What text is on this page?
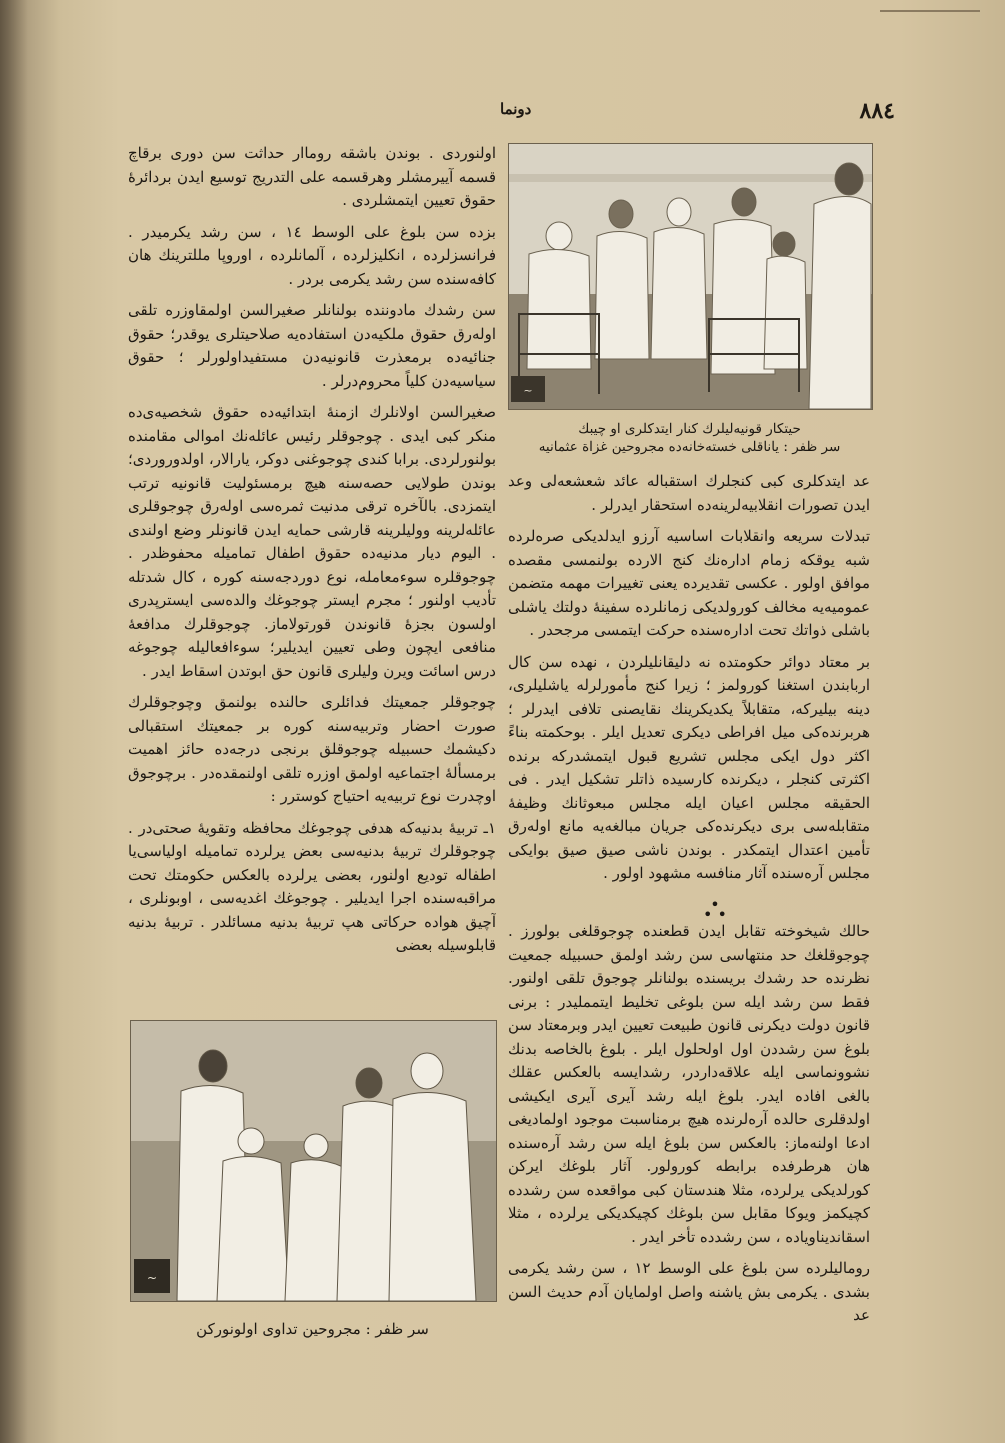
۸۸٤
دونما
~
حیتکار قونیه‌لیلرك کنار ایتدکلری او چیبك
سر ظفر : یاناقلی خسته‌خانه‌ده مجروحین غزاة عثمانیه

اولنوردی . بوندن باشقه روماار حداثت سن دوری برقاچ قسمه آییرمشلر وهرقسمه علی التدریج توسیع ایدن بردائرهٔ حقوق تعیین ایتمشلردی .

بزده سن بلوغ علی الوسط ۱٤ ، سن رشد یکرمیدر . فرانسزلرده ، انکلیزلرده ، آلمانلرده ، اوروپا مللترینك هان کافه‌سنده سن رشد یکرمی بردر .

سن رشدك مادوننده بولنانلر صغیرالسن اولمقاوزره تلقی اوله‌رق حقوق ملکیه‌دن استفاده‌یه صلاحیتلری یوقدر؛ حقوق جنائیه‌ده‌ برمعذرت قانونیه‌دن مستفیداولورلر ؛ حقوق سیاسیه‌دن کلیاً محروم‌درلر .

صغیرالسن اولانلرك ازمنهٔ ابتدائیه‌ده حقوق شخصیه‌ی‌ده منکر کبی ایدی . چوجوقلر رئیس عائله‌نك اموالی مقامنده بولنورلردی. برابا کندی چوجوغنی دوکر، یارالار، اولدوروردی؛ بوندن طولایی حصه‌سنه هیچ برمسئولیت قانونیه ترتب ایتمزدی. بالآخره ترقی مدنیت ثمره‌سی اوله‌رق چوجوقلری عائله‌لرینه ووليلرينه قارشی حمایه ایدن قانونلر وضع اولندی . الیوم دیار مدنیه‌ده حقوق اطفال تمامیله محفوظدر . چوجوقلره سوءمعامله، نوع دوردجه‌سنه کوره ، کال شدتله تأدیب اولنور ؛ مجرم ایستر چوجوغك والده‌سی ایسترپدری اولسون بجزهٔ قانوندن قورتولاماز. چوجوقلرك مدافعهٔ منافعی ایچون وطی تعیین ایدیلیر؛ سوءافعالیله چوجوغه درس اسائت ویرن وليلری قانون حق ابوتدن اسقاط ایدر .

چوجوقلر جمعیتك فدائلری حالنده بولنمق وچوجوقلرك صورت احضار وتربیه‌سنه کوره بر جمعیتك استقبالی دکیشمك حسبیله چوجوقلق برنجی درجه‌ده حائز اهمیت برمسألهٔ اجتماعیه اولمق اوزره تلقی اولنمقده‌در . برچوجوق اوچدرت نوع تربیه‌یه احتیاج کوسترر :

۱ـ تربیهٔ بدنیه‌که هدفی چوجوغك محافظه وتقویهٔ صحتی‌در . چوجوقلرك تربیهٔ بدنیه‌سی بعض یرلرده تمامیله اولیاسی‌یا اطفاله توديع اولنور، بعضی یرلرده بالعکس حکومتك تحت مراقبه‌سنده اجرا ایدیلیر . چوجوغك اغدیه‌سی ، اوبونلری ، آچیق هواده حرکاتی هپ تربیهٔ بدنیه مسائلدر . تربیهٔ بدنیه قابلوسیله بعضی

عد ایتدکلری کبی کنجلرك استقباله عائد شعشعه‌لی وعد ایدن تصورات انقلابیه‌لرینه‌ده استحقار ایدرلر .

تبدلات سریعه وانقلابات اساسیه آرزو ایدلدیکی صره‌لرده شبه یوقکه زمام اداره‌نك کنج الارده بولنمسی مقصده موافق اولور . عکسی تقدیرده یعنی تغییرات مهمه متضمن عمومیه‌یه مخالف کورولدیکی زمانلرده سفینهٔ دولتك یاشلی باشلی ذواتك تحت اداره‌سنده حرکت ایتمسی مرجحدر .

بر معتاد دوائر حکومتده نه دلیقانلیلردن ، نهده سن کال اربابندن استغنا کورولمز ؛ زیرا کنج مأمورلرله یاشلیلری، دینه بیلیرکه، متقابلاً یکدیکرینك نقایصنی تلافی ایدرلر ؛ هربرنده‌کی میل افراطی دیکری تعدیل ایلر . بوحکمته بناءً اکثر دول ایکی مجلس تشریع قبول ایتمشدرکه برنده اکثرتی کنجلر ، دیکرنده کارسیده ذاتلر تشکیل ایدر . فی الحقیقه مجلس اعیان ایله مجلس مبعوثانك وظیفهٔ متقابله‌سی بری دیکرنده‌کی جریان مبالغه‌یه مانع اوله‌رق تأمین اعتدال ایتمکدر . بوندن ناشی صیق صیق بوایکی مجلس آره‌سنده آثار منافسه مشهود اولور .

•
• •

حالك شیخوخته تقابل ایدن قطعنده چوجوقلغی بولورز . چوجوقلغك حد منتهاسی سن رشد اولمق حسبیله جمعیت نظرنده حد رشدك بریسنده بولنانلر چوجوق تلقی اولنور. فقط سن رشد ایله سن بلوغی تخلیط ایتمملیدر : برنی قانون دولت دیکرنی قانون طبیعت تعیین ایدر وبرمعتاد سن بلوغ سن رشددن اول اولحلول ایلر . بلوغ بالخاصه بدنك نشوونماسی ایله علاقه‌داردر، رشدایسه بالعکس عقلك بالغی افاده ایدر. بلوغ ایله رشد آیری آیری ایکیشی اولدقلری حالده آره‌لرنده هیچ برمناسبت موجود اولمادیغی ادعا اولنه‌ماز: بالعکس سن بلوغ ایله سن رشد آره‌سنده هان هرطرفده برابطه کورولور. آثار بلوغك ایرکن کورلدیکی یرلرده، مثلا هندستان کبی مواقعده سن رشدده کچیکمز ویوکا مقابل سن بلوغك کچیکدیکی یرلرده ، مثلا اسقاندیناویاده ، سن رشدده تأخر ایدر .

روماليلرده سن بلوغ علی الوسط ۱۲ ، سن رشد یکرمی بشدی . یکرمی بش یاشنه واصل اولمایان آدم حدیث السن عد

~
سر ظفر : مجروحین تداوی اولونورکن
